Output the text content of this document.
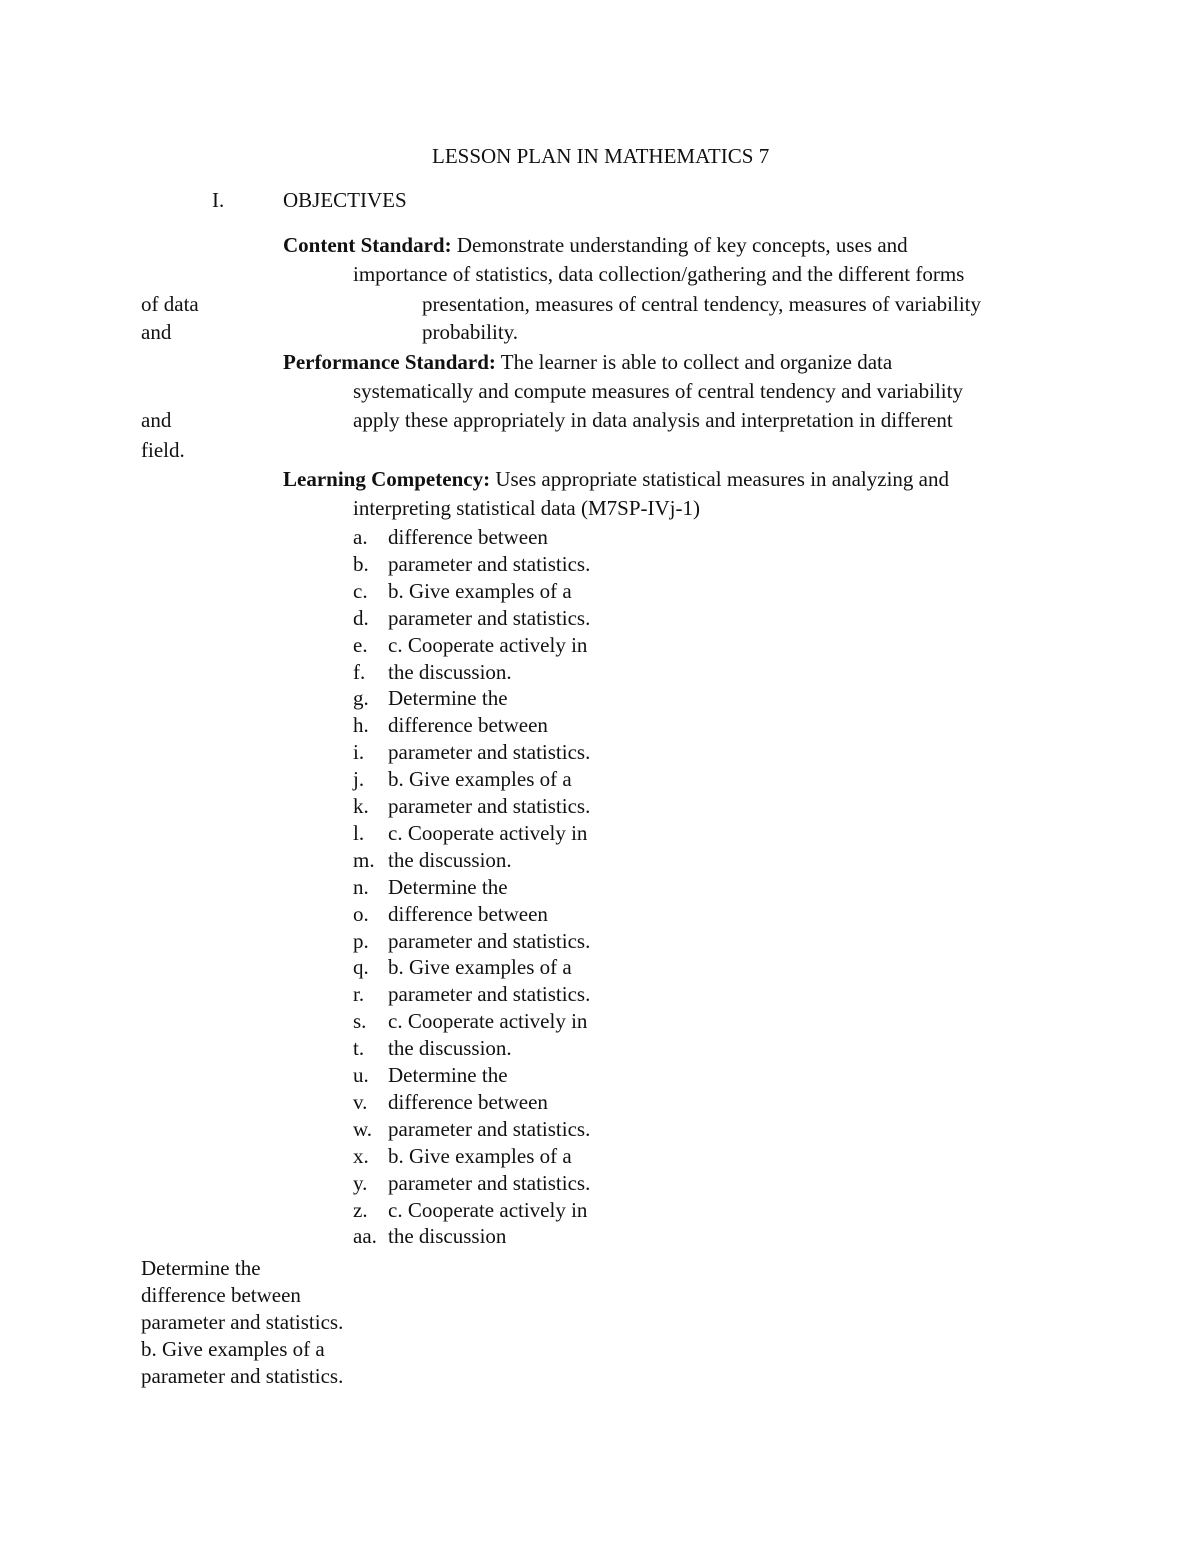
LESSON PLAN IN MATHEMATICS 7
I.	OBJECTIVES
Content Standard: Demonstrate understanding of key concepts, uses and
importance of statistics, data collection/gathering and the different forms
of data	presentation, measures of central tendency, measures of variability
and	probability.
Performance Standard: The learner is able to collect and organize data
systematically and compute measures of central tendency and variability
and	apply these appropriately in data analysis and interpretation in different
field.
Learning Competency: Uses appropriate statistical measures in analyzing and
interpreting statistical data (M7SP-IVj-1)
a. difference between
b. parameter and statistics.
c. b. Give examples of a
d. parameter and statistics.
e. c. Cooperate actively in
f. the discussion.
g. Determine the
h. difference between
i. parameter and statistics.
j. b. Give examples of a
k. parameter and statistics.
l. c. Cooperate actively in
m. the discussion.
n. Determine the
o. difference between
p. parameter and statistics.
q. b. Give examples of a
r. parameter and statistics.
s. c. Cooperate actively in
t. the discussion.
u. Determine the
v. difference between
w. parameter and statistics.
x. b. Give examples of a
y. parameter and statistics.
z. c. Cooperate actively in
aa. the discussion
Determine the
difference between
parameter and statistics.
b. Give examples of a
parameter and statistics.
